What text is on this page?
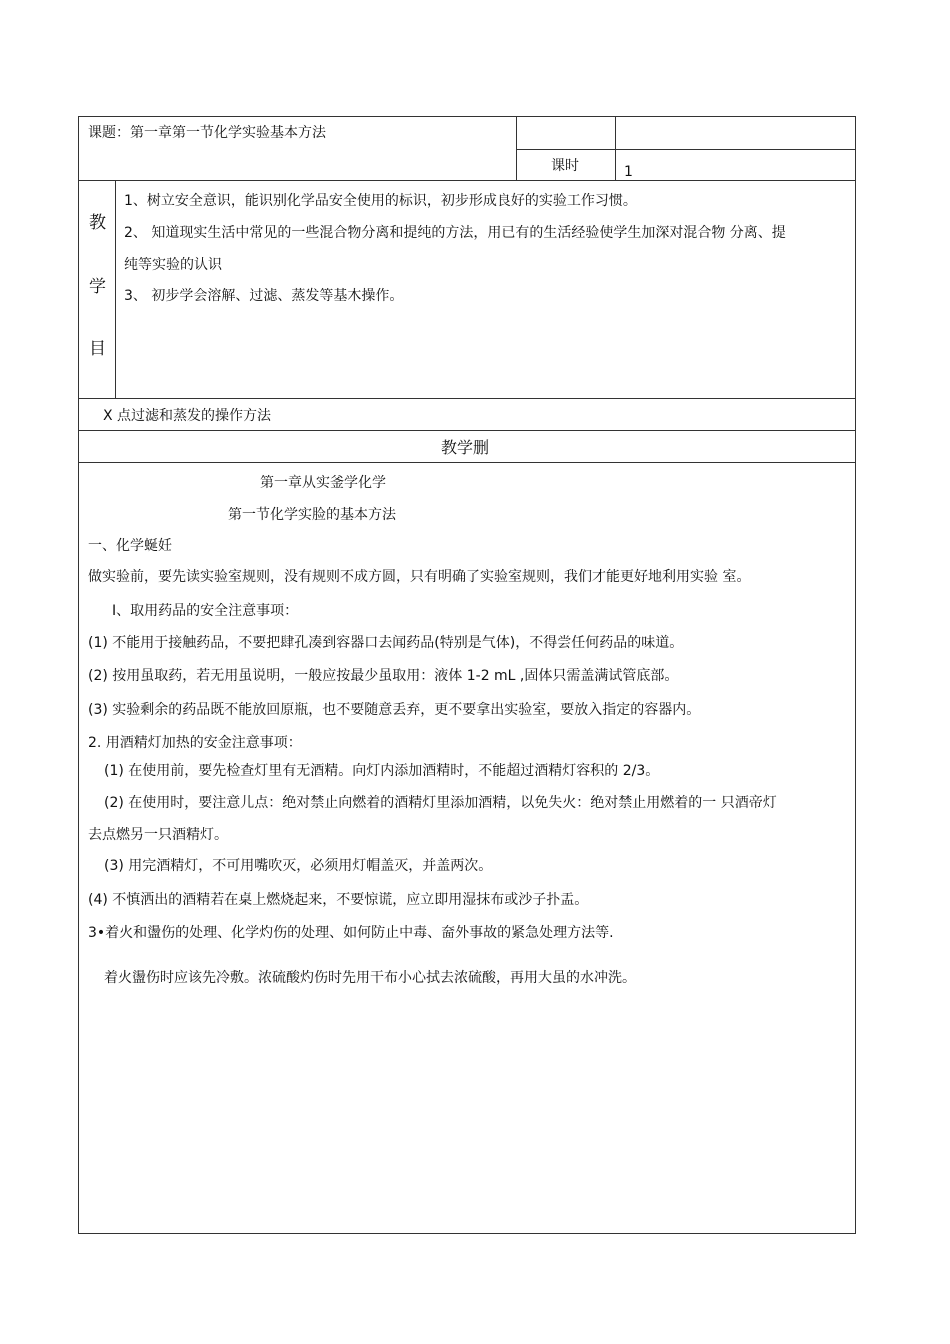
课题：第一章第一节化学实验基本方法
课时	1
教
学
目
1、树立安全意识，能识别化学品安全使用的标识，初步形成良好的实验工作习惯。
2、 知道现实生活中常见的一些混合物分离和提纯的方法，用已有的生活经验使学生加深对混合物 分离、提
纯等实验的认识
3、 初步学会溶解、过滤、蒸发等基木操作。
X 点过滤和蒸发的操作方法
教学删
第一章从实釜学化学
第一节化学实脸的基本方法
一、化学蜒妊
做实验前，要先读实验室规则，没有规则不成方圆，只有明确了实验室规则，我们才能更好地利用实验 室。
I、取用药品的安全注意事项：
(1) 不能用于接触药品，不要把肆孔凑到容器口去闻药品(特别是气体)，不得尝任何药品的味道。
(2) 按用虽取药，若无用虽说明，一般应按最少虽取用：液体 1-2 mL ,固体只需盖满试管底部。
(3) 实验剩余的药品既不能放回原瓶，也不要随意丢弃，更不要拿出实验室，要放入指定的容器内。
2. 用酒精灯加热的安金注意事项：
(1) 在使用前，要先检查灯里有无酒精。向灯内添加酒精时，不能超过酒精灯容积的 2/3。
(2) 在使用时，要注意儿点：绝对禁止向燃着的酒精灯里添加酒精，以免失火：绝对禁止用燃着的一 只酒帝灯
去点燃另一只酒精灯。
(3) 用完酒精灯，不可用嘴吹灭，必须用灯帽盖灭，并盖两次。
(4) 不慎洒出的酒精若在桌上燃烧起来，不要惊谎，应立即用湿抹布或沙子扑盂。
3•着火和盪伤的处理、化学灼伤的处理、如何防止中毒、奤外事故的紧急处理方法等.
着火盪伤时应该先冷敷。浓硫酸灼伤时先用干布小心拭去浓硫酸，再用大虽的水冲洗。
